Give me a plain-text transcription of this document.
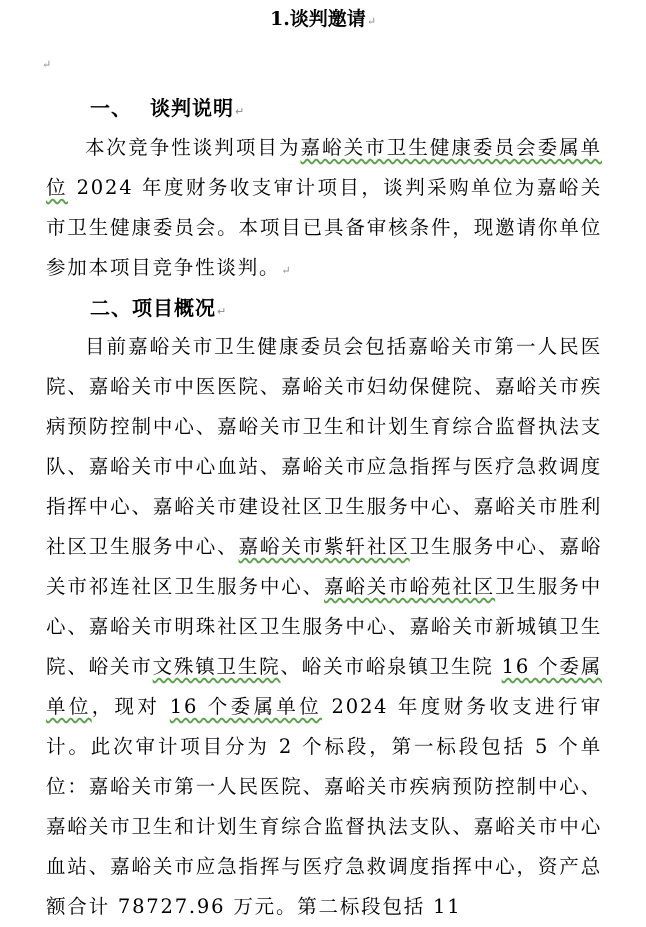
1.谈判邀请↵
↵
一、 谈判说明↵

本次竞争性谈判项目为嘉峪关市卫生健康委员会委属单位 2024 年度财务收支审计项目，谈判采购单位为嘉峪关市卫生健康委员会。本项目已具备审核条件，现邀请你单位参加本项目竞争性谈判。↵

二、项目概况↵

目前嘉峪关市卫生健康委员会包括嘉峪关市第一人民医院、嘉峪关市中医医院、嘉峪关市妇幼保健院、嘉峪关市疾病预防控制中心、嘉峪关市卫生和计划生育综合监督执法支队、嘉峪关市中心血站、嘉峪关市应急指挥与医疗急救调度指挥中心、嘉峪关市建设社区卫生服务中心、嘉峪关市胜利社区卫生服务中心、嘉峪关市紫轩社区卫生服务中心、嘉峪关市祁连社区卫生服务中心、嘉峪关市峪苑社区卫生服务中心、嘉峪关市明珠社区卫生服务中心、嘉峪关市新城镇卫生院、峪关市文殊镇卫生院、峪关市峪泉镇卫生院 16 个委属单位，现对 16 个委属单位 2024 年度财务收支进行审计。此次审计项目分为 2 个标段，第一标段包括 5 个单位：嘉峪关市第一人民医院、嘉峪关市疾病预防控制中心、嘉峪关市卫生和计划生育综合监督执法支队、嘉峪关市中心血站、嘉峪关市应急指挥与医疗急救调度指挥中心，资产总额合计 78727.96 万元。第二标段包括 11
